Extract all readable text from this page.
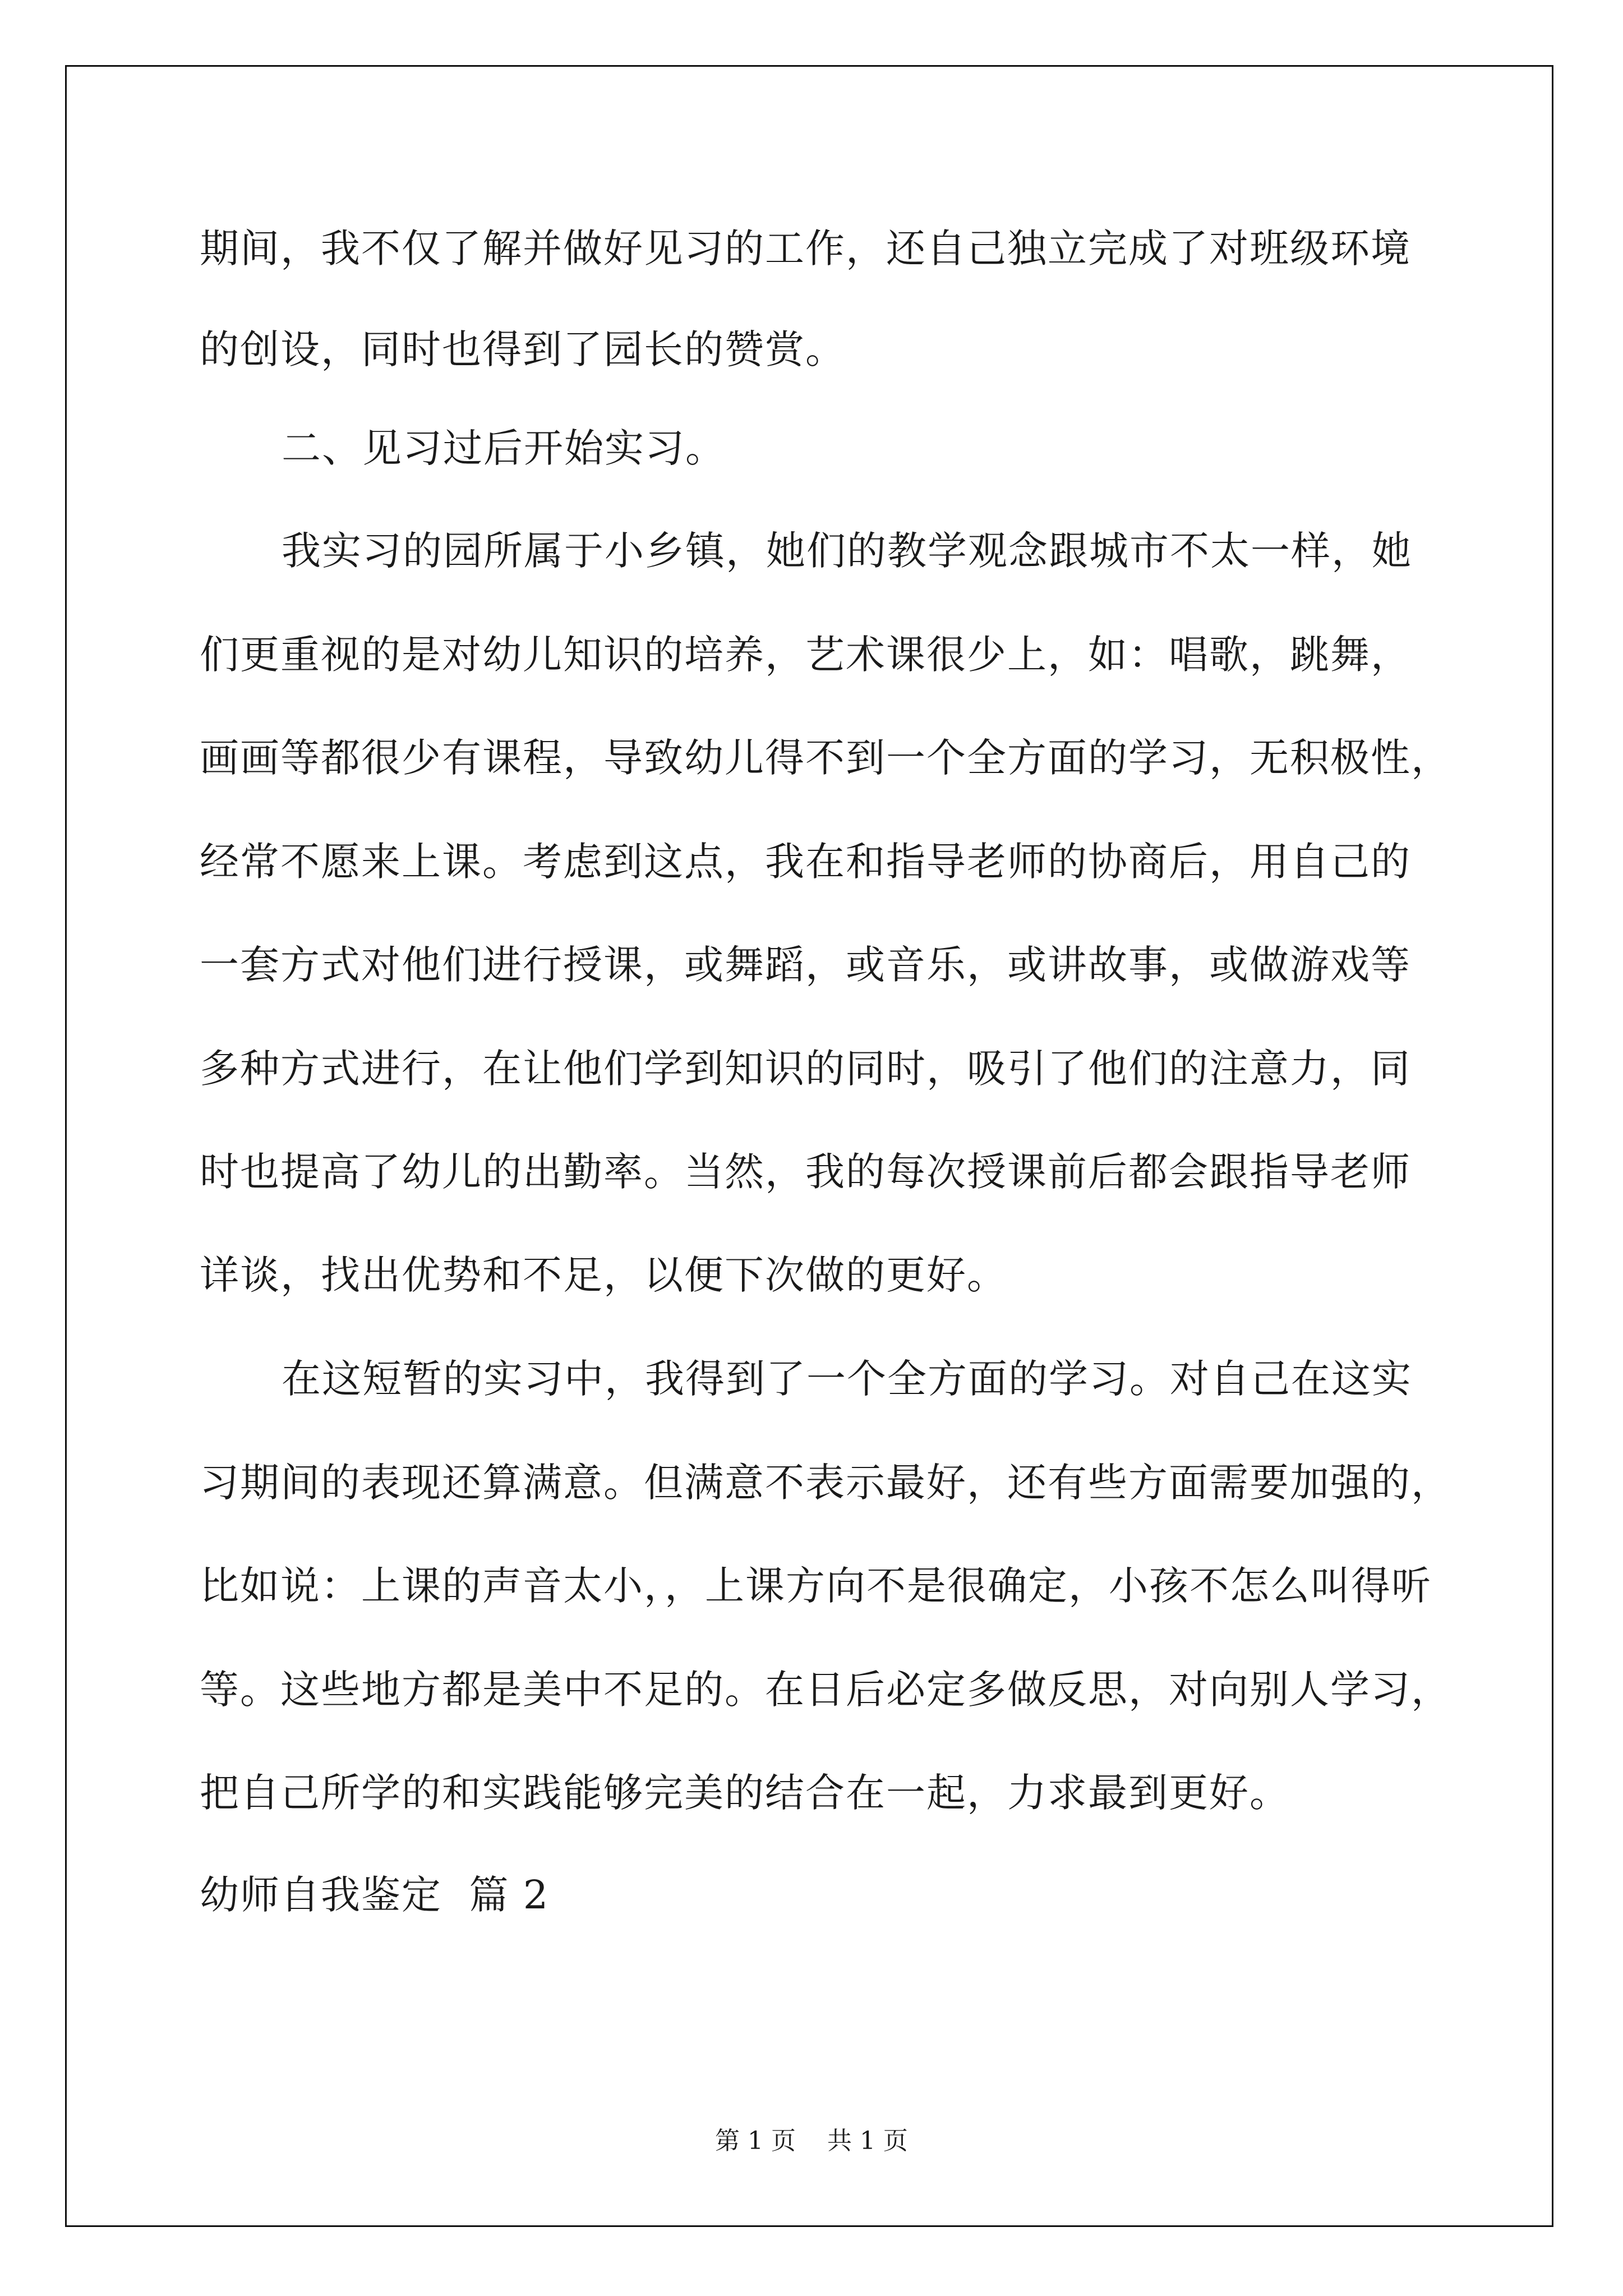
期间，我不仅了解并做好见习的工作，还自己独立完成了对班级环境
的创设，同时也得到了园长的赞赏。
二、见习过后开始实习。
我实习的园所属于小乡镇，她们的教学观念跟城市不太一样，她
们更重视的是对幼儿知识的培养，艺术课很少上，如：唱歌，跳舞，
画画等都很少有课程，导致幼儿得不到一个全方面的学习，无积极性，
经常不愿来上课。考虑到这点，我在和指导老师的协商后，用自己的
一套方式对他们进行授课，或舞蹈，或音乐，或讲故事，或做游戏等
多种方式进行，在让他们学到知识的同时，吸引了他们的注意力，同
时也提高了幼儿的出勤率。当然，我的每次授课前后都会跟指导老师
详谈，找出优势和不足，以便下次做的更好。
在这短暂的实习中，我得到了一个全方面的学习。对自己在这实
习期间的表现还算满意。但满意不表示最好，还有些方面需要加强的，
比如说：上课的声音太小，，上课方向不是很确定，小孩不怎么叫得听
等。这些地方都是美中不足的。在日后必定多做反思，对向别人学习，
把自己所学的和实践能够完美的结合在一起，力求最到更好。
幼师自我鉴定  篇 2
第 1 页    共 1 页
